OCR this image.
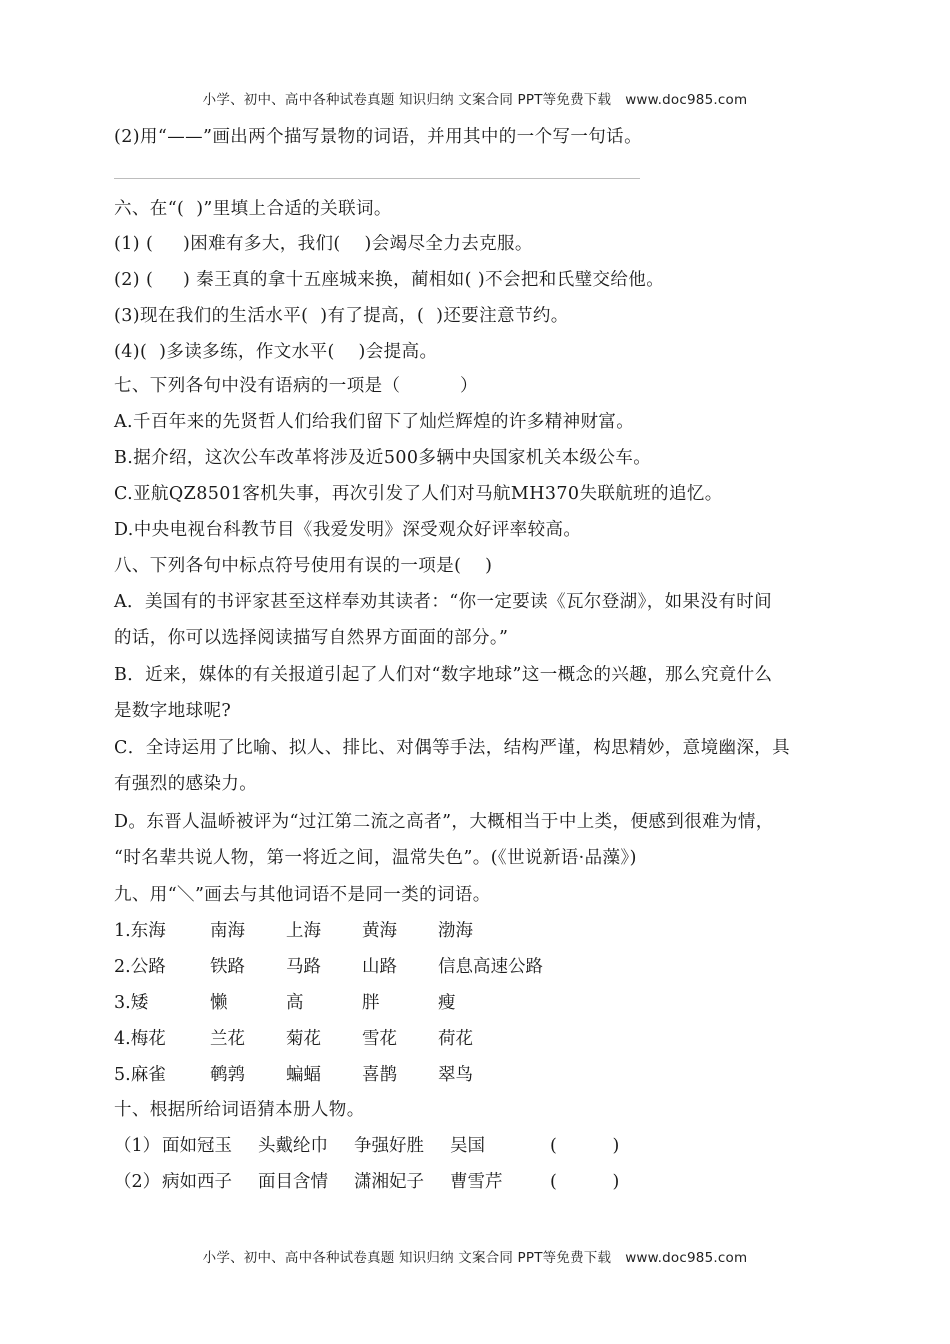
小学、初中、高中各种试卷真题 知识归纳 文案合同 PPT等免费下载 www.doc985.com
(2)用“——”画出两个描写景物的词语，并用其中的一个写一句话。
六、在“(  )”里填上合适的关联词。
(1) (     )困难有多大，我们(    )会竭尽全力去克服。
(2) (     ) 秦王真的拿十五座城来换，蔺相如( )不会把和氏璧交给他。
(3)现在我们的生活水平(  )有了提高，(  )还要注意节约。
(4)(  )多读多练，作文水平(    )会提高。
七、下列各句中没有语病的一项是（          ）
A.千百年来的先贤哲人们给我们留下了灿烂辉煌的许多精神财富。
B.据介绍，这次公车改革将涉及近500多辆中央国家机关本级公车。
C.亚航QZ8501客机失事，再次引发了人们对马航MH370失联航班的追忆。
D.中央电视台科教节目《我爱发明》深受观众好评率较高。
八、下列各句中标点符号使用有误的一项是(    )
A．美国有的书评家甚至这样奉劝其读者：“你一定要读《瓦尔登湖》，如果没有时间
的话，你可以选择阅读描写自然界方面面的部分。”
B．近来，媒体的有关报道引起了人们对“数字地球”这一概念的兴趣，那么究竟什么
是数字地球呢?
C．全诗运用了比喻、拟人、排比、对偶等手法，结构严谨，构思精妙，意境幽深，具
有强烈的感染力。
D。东晋人温峤被评为“过江第二流之高者”，大概相当于中上类，便感到很难为情，
“时名辈共说人物，第一将近之间，温常失色”。(《世说新语·品藻》)
九、用“＼”画去与其他词语不是同一类的词语。
1.东海	南海 上海 黄海 渤海
2.公路	铁路 马路 山路 信息高速公路
3.矮	懒	高	胖	瘦
4.梅花	兰花 菊花 雪花 荷花
5.麻雀	鹌鹑 蝙蝠 喜鹊 翠鸟
十、根据所给词语猜本册人物。
（1） 面如冠玉 头戴纶巾 争强好胜 吴国	(          )
（2） 病如西子 面目含情 潇湘妃子 曹雪芹	(          )
小学、初中、高中各种试卷真题 知识归纳 文案合同 PPT等免费下载 www.doc985.com
